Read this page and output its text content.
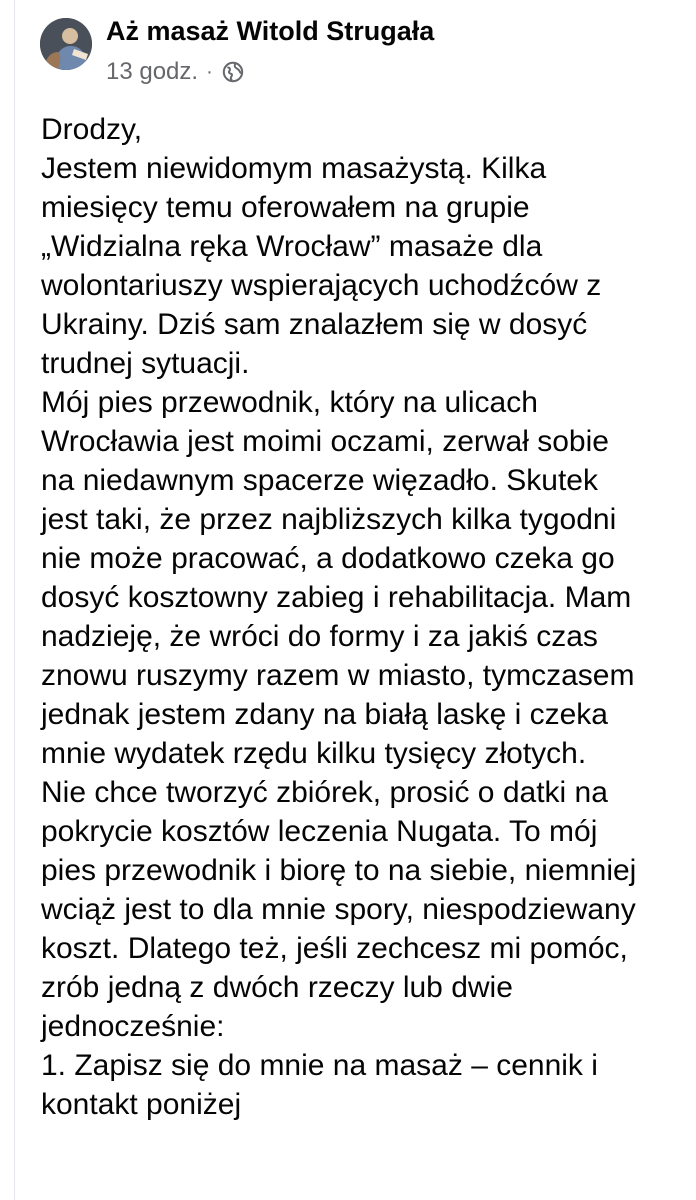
Aż masaż Witold Strugała
13 godz. ·
Drodzy,
Jestem niewidomym masażystą. Kilka
miesięcy temu oferowałem na grupie
„Widzialna ręka Wrocław” masaże dla
wolontariuszy wspierających uchodźców z
Ukrainy. Dziś sam znalazłem się w dosyć
trudnej sytuacji.
Mój pies przewodnik, który na ulicach
Wrocławia jest moimi oczami, zerwał sobie
na niedawnym spacerze więzadło. Skutek
jest taki, że przez najbliższych kilka tygodni
nie może pracować, a dodatkowo czeka go
dosyć kosztowny zabieg i rehabilitacja. Mam
nadzieję, że wróci do formy i za jakiś czas
znowu ruszymy razem w miasto, tymczasem
jednak jestem zdany na białą laskę i czeka
mnie wydatek rzędu kilku tysięcy złotych.
Nie chce tworzyć zbiórek, prosić o datki na
pokrycie kosztów leczenia Nugata. To mój
pies przewodnik i biorę to na siebie, niemniej
wciąż jest to dla mnie spory, niespodziewany
koszt. Dlatego też, jeśli zechcesz mi pomóc,
zrób jedną z dwóch rzeczy lub dwie
jednocześnie:
1. Zapisz się do mnie na masaż – cennik i
kontakt poniżej
